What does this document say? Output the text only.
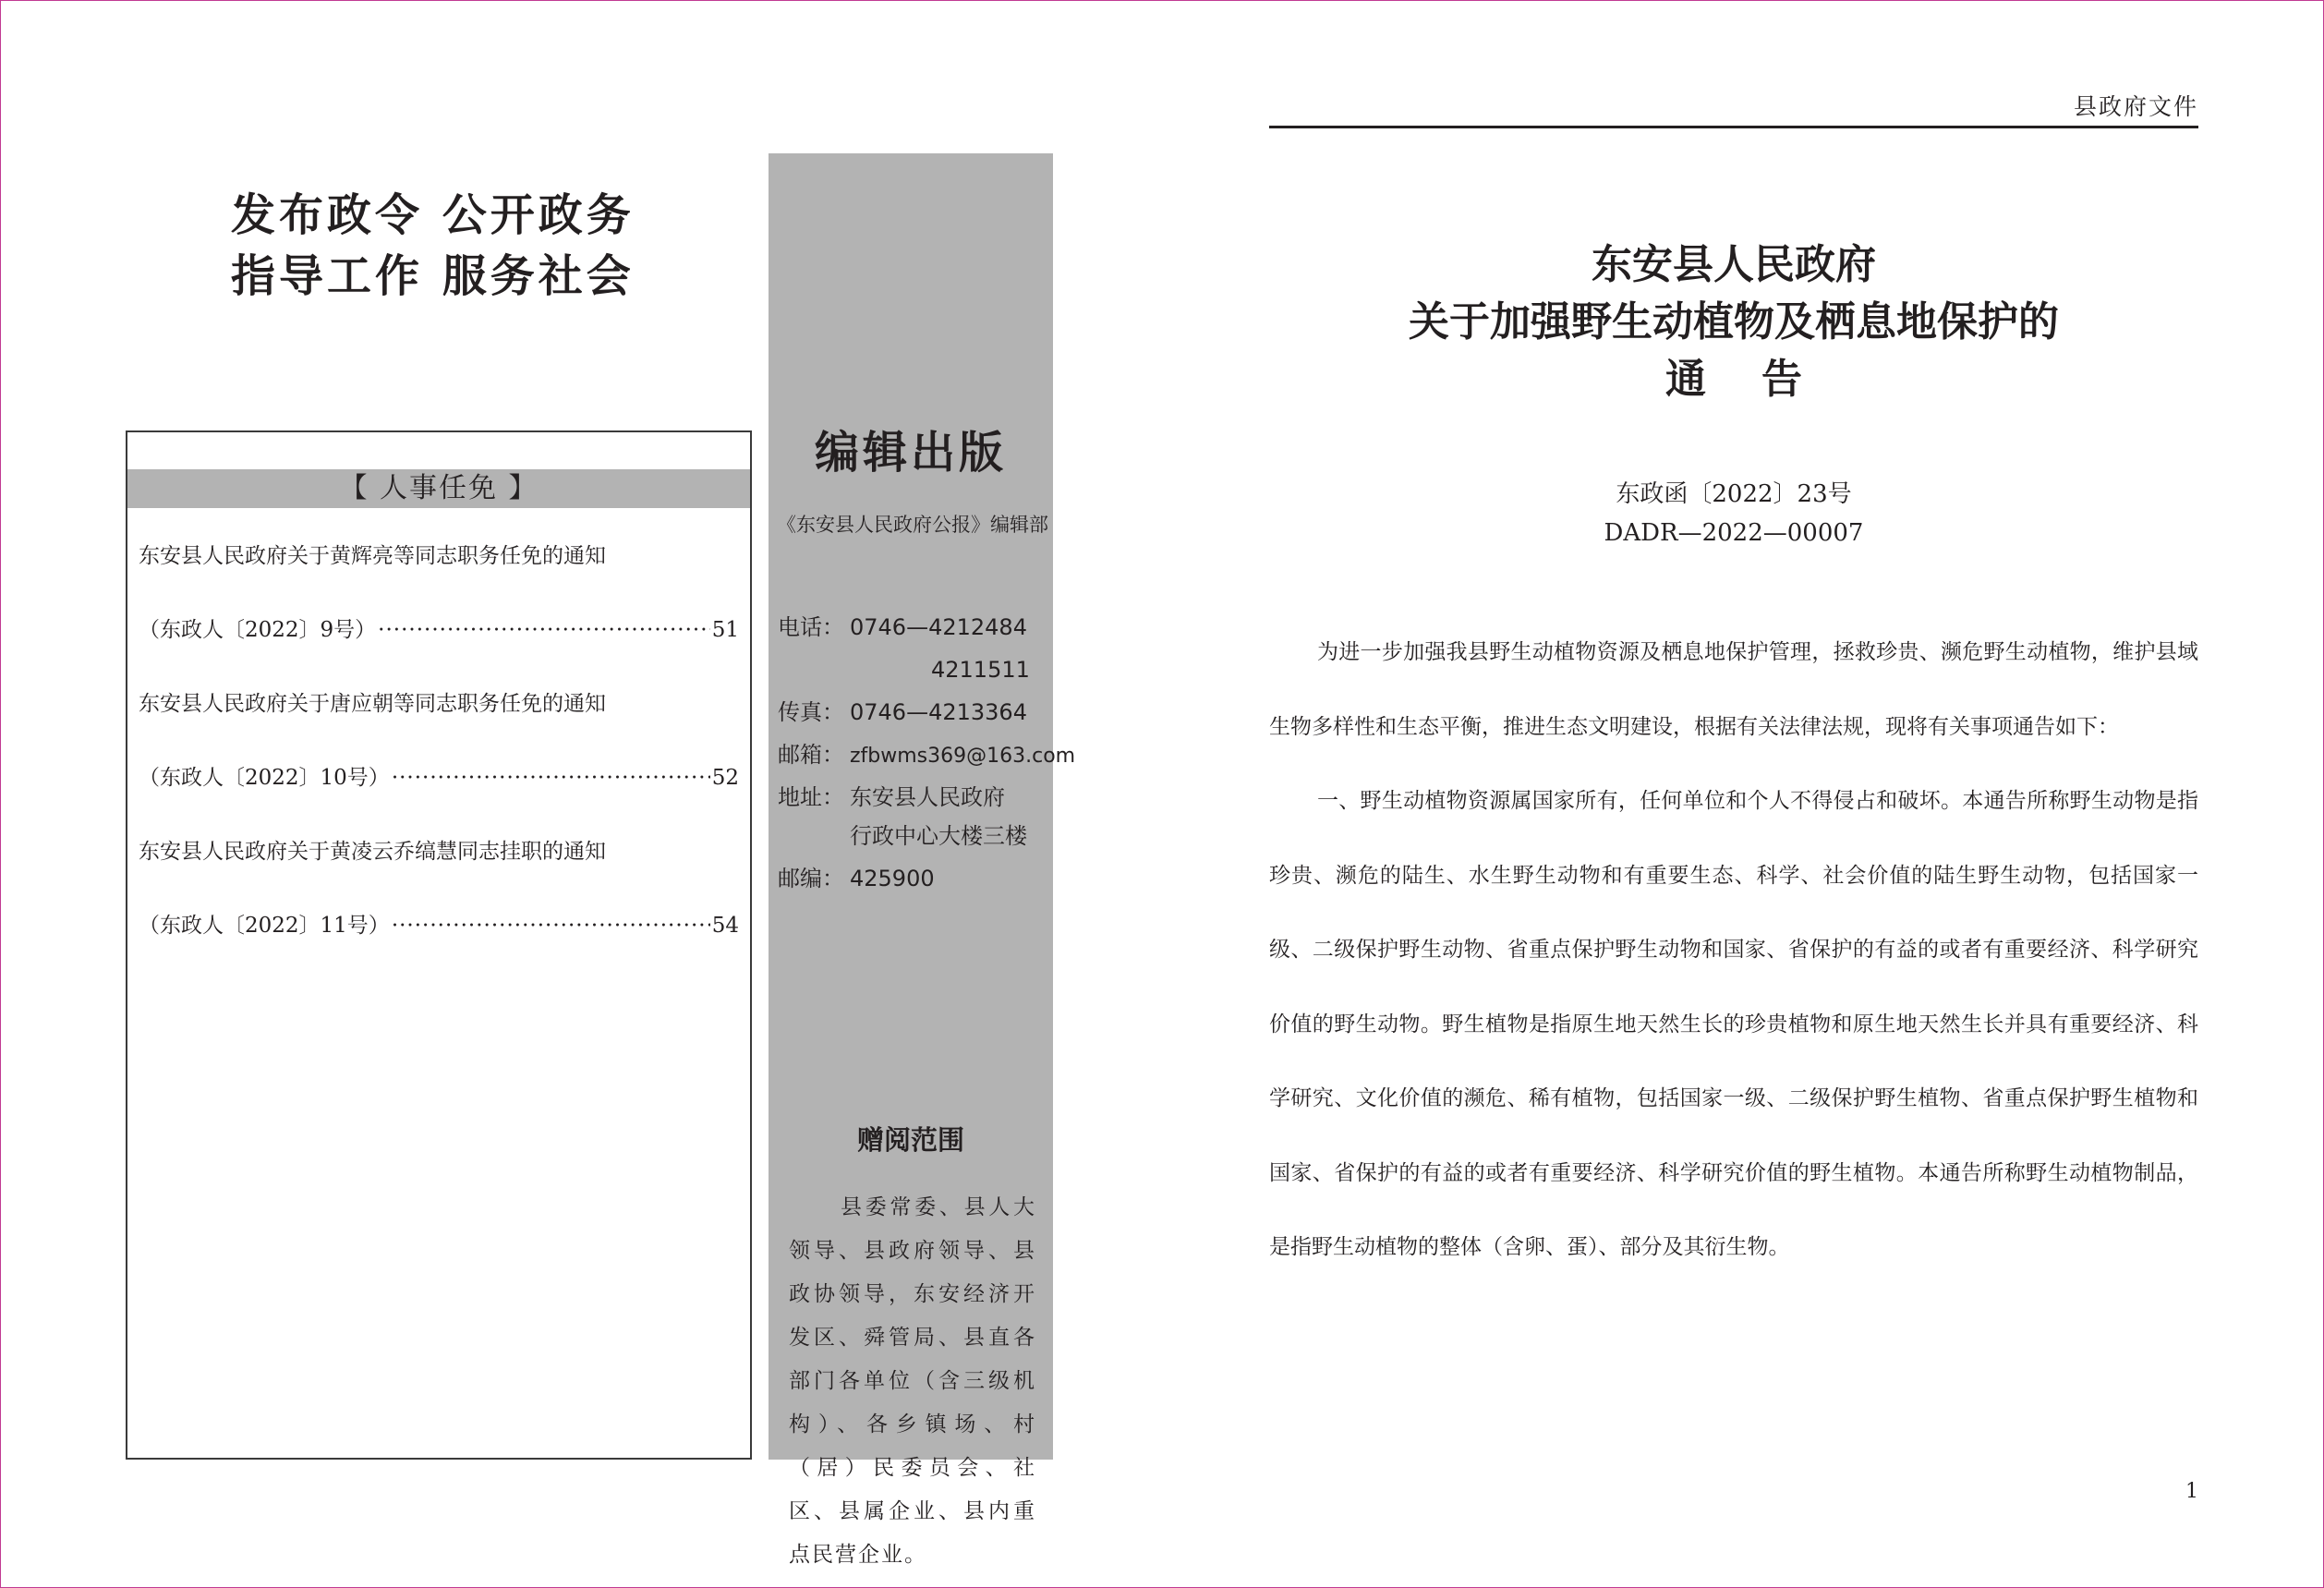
发布政令 公开政务
指导工作 服务社会
【 人事任免 】
东安县人民政府关于黄辉亮等同志职务任免的通知
（东政人〔2022〕9号） ·····	51
东安县人民政府关于唐应朝等同志职务任免的通知
（东政人〔2022〕10号） ·····	52
东安县人民政府关于黄凌云乔缟慧同志挂职的通知
（东政人〔2022〕11号） ·····	54
编辑出版
《东安县人民政府公报》编辑部
电话： 0746—4212484
4211511
传真： 0746—4213364
邮箱： zfbwms369@163.com
地址： 东安县人民政府
行政中心大楼三楼
邮编： 425900
赠阅范围
县委常委、县人大领导、县政府领导、县政协领导，东安经济开发区、舜管局、县直各部门各单位（含三级机构）、各乡镇场、村（居）民委员会、社区、县属企业、县内重点民营企业。
县政府文件
东安县人民政府
关于加强野生动植物及栖息地保护的
通告
东政函〔2022〕23号
DADR—2022—00007

为进一步加强我县野生动植物资源及栖息地保护管理，拯救珍贵、濒危野生动植物，维护县域生物多样性和生态平衡，推进生态文明建设，根据有关法律法规，现将有关事项通告如下：

一、野生动植物资源属国家所有，任何单位和个人不得侵占和破坏。本通告所称野生动物是指珍贵、濒危的陆生、水生野生动物和有重要生态、科学、社会价值的陆生野生动物，包括国家一级、二级保护野生动物、省重点保护野生动物和国家、省保护的有益的或者有重要经济、科学研究价值的野生动物。野生植物是指原生地天然生长的珍贵植物和原生地天然生长并具有重要经济、科学研究、文化价值的濒危、稀有植物，包括国家一级、二级保护野生植物、省重点保护野生植物和国家、省保护的有益的或者有重要经济、科学研究价值的野生植物。本通告所称野生动植物制品，是指野生动植物的整体（含卵、蛋）、部分及其衍生物。

1
